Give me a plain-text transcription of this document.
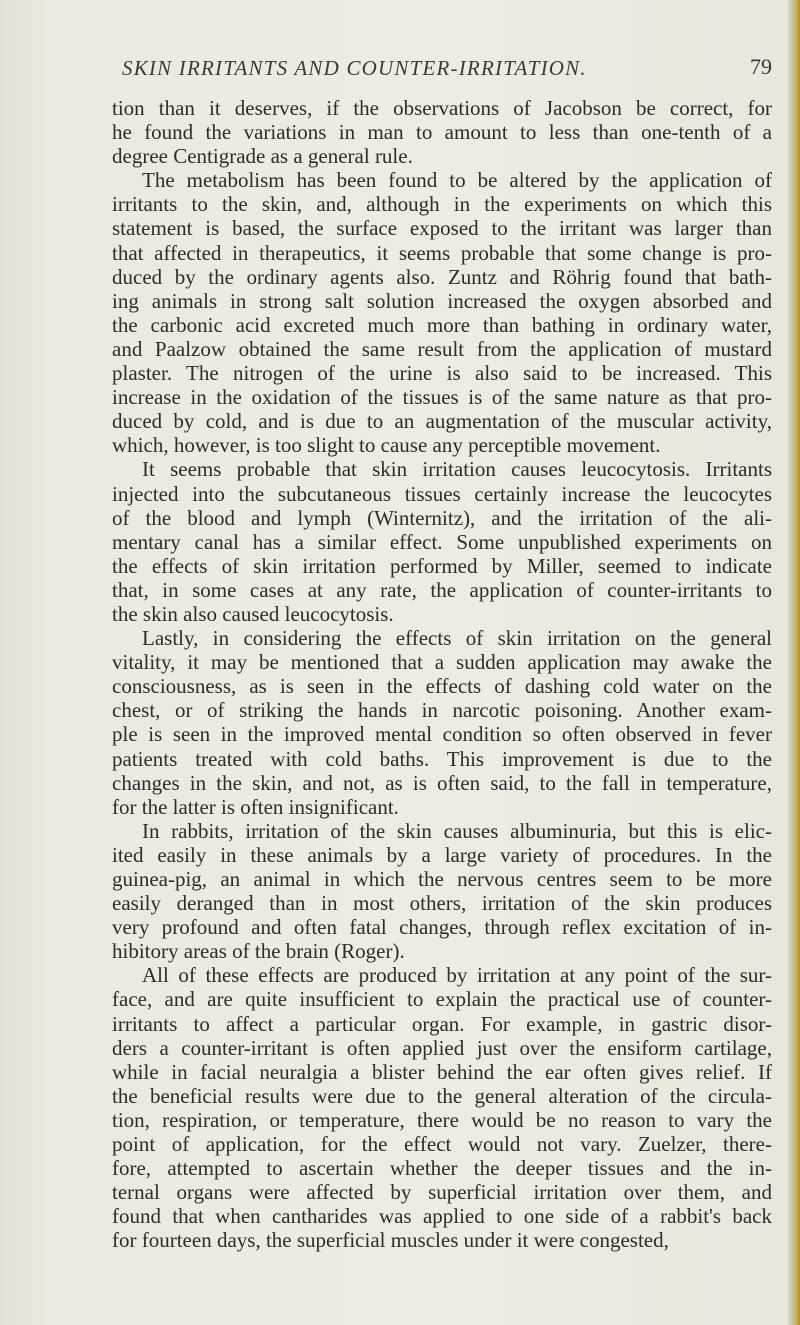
SKIN IRRITANTS AND COUNTER-IRRITATION.	79
tion than it deserves, if the observations of Jacobson be correct, for
he found the variations in man to amount to less than one-tenth of a
degree Centigrade as a general rule.
The metabolism has been found to be altered by the application of
irritants to the skin, and, although in the experiments on which this
statement is based, the surface exposed to the irritant was larger than
that affected in therapeutics, it seems probable that some change is pro-
duced by the ordinary agents also. Zuntz and Röhrig found that bath-
ing animals in strong salt solution increased the oxygen absorbed and
the carbonic acid excreted much more than bathing in ordinary water,
and Paalzow obtained the same result from the application of mustard
plaster. The nitrogen of the urine is also said to be increased. This
increase in the oxidation of the tissues is of the same nature as that pro-
duced by cold, and is due to an augmentation of the muscular activity,
which, however, is too slight to cause any perceptible movement.
It seems probable that skin irritation causes leucocytosis. Irritants
injected into the subcutaneous tissues certainly increase the leucocytes
of the blood and lymph (Winternitz), and the irritation of the ali-
mentary canal has a similar effect. Some unpublished experiments on
the effects of skin irritation performed by Miller, seemed to indicate
that, in some cases at any rate, the application of counter-irritants to
the skin also caused leucocytosis.
Lastly, in considering the effects of skin irritation on the general
vitality, it may be mentioned that a sudden application may awake the
consciousness, as is seen in the effects of dashing cold water on the
chest, or of striking the hands in narcotic poisoning. Another exam-
ple is seen in the improved mental condition so often observed in fever
patients treated with cold baths. This improvement is due to the
changes in the skin, and not, as is often said, to the fall in temperature,
for the latter is often insignificant.
In rabbits, irritation of the skin causes albuminuria, but this is elic-
ited easily in these animals by a large variety of procedures. In the
guinea-pig, an animal in which the nervous centres seem to be more
easily deranged than in most others, irritation of the skin produces
very profound and often fatal changes, through reflex excitation of in-
hibitory areas of the brain (Roger).
All of these effects are produced by irritation at any point of the sur-
face, and are quite insufficient to explain the practical use of counter-
irritants to affect a particular organ. For example, in gastric disor-
ders a counter-irritant is often applied just over the ensiform cartilage,
while in facial neuralgia a blister behind the ear often gives relief. If
the beneficial results were due to the general alteration of the circula-
tion, respiration, or temperature, there would be no reason to vary the
point of application, for the effect would not vary. Zuelzer, there-
fore, attempted to ascertain whether the deeper tissues and the in-
ternal organs were affected by superficial irritation over them, and
found that when cantharides was applied to one side of a rabbit's back
for fourteen days, the superficial muscles under it were congested,
